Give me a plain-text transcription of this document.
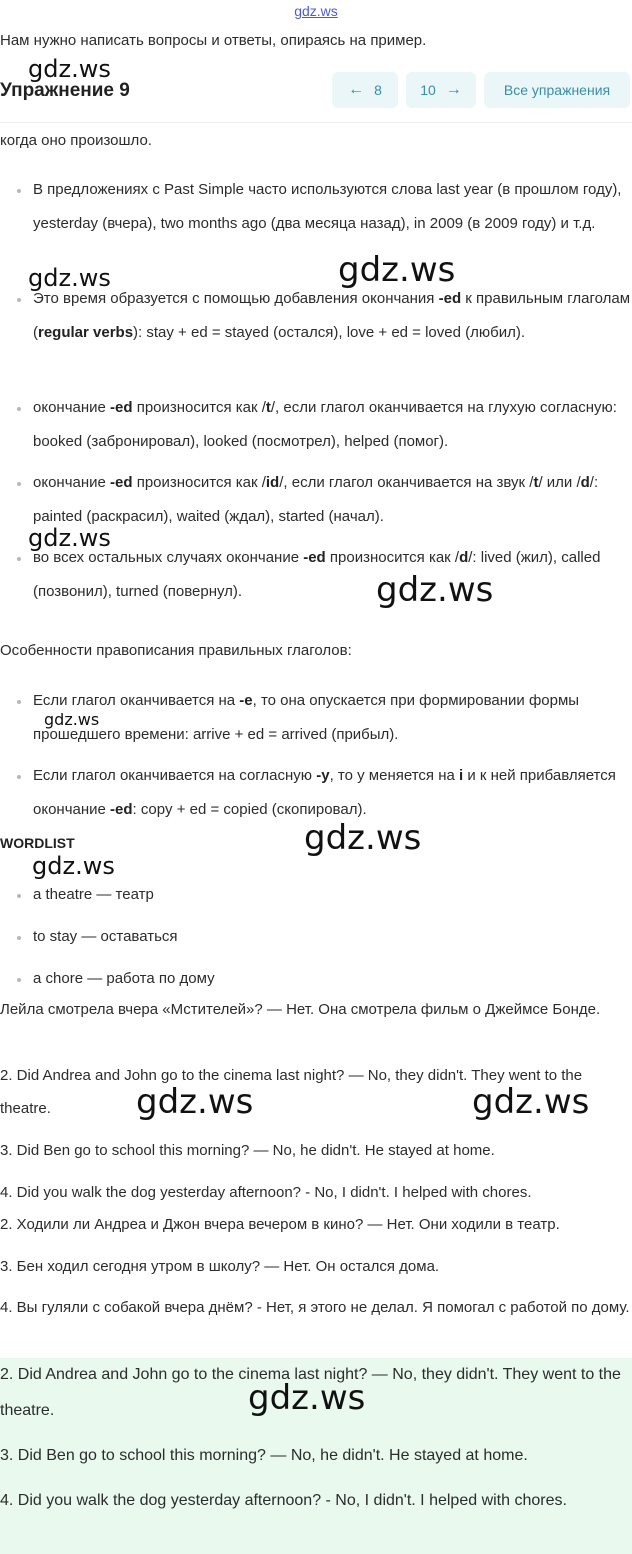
gdz.ws
Нам нужно написать вопросы и ответы, опираясь на пример.
Упражнение 9	← 8	10 →	Все упражнения
когда оно произошло.
В предложениях с Past Simple часто используются слова last year (в прошлом году), yesterday (вчера), two months ago (два месяца назад), in 2009 (в 2009 году) и т.д.
Это время образуется с помощью добавления окончания -ed к правильным глаголам (regular verbs): stay + ed = stayed (остался), love + ed = loved (любил).
окончание -ed произносится как /t/, если глагол оканчивается на глухую согласную: booked (забронировал), looked (посмотрел), helped (помог).
окончание -ed произносится как /id/, если глагол оканчивается на звук /t/ или /d/: painted (раскрасил), waited (ждал), started (начал).
во всех остальных случаях окончание -ed произносится как /d/: lived (жил), called (позвонил), turned (повернул).
Особенности правописания правильных глаголов:
Если глагол оканчивается на -e, то она опускается при формировании формы прошедшего времени: arrive + ed = arrived (прибыл).
Если глагол оканчивается на согласную -y, то у меняется на i и к ней прибавляется окончание -ed: copy + ed = copied (скопировал).
WORDLIST
a theatre — театр
to stay — оставаться
a chore — работа по дому
Лейла смотрела вчера «Мстителей»? — Нет. Она смотрела фильм о Джеймсе Бонде.
2. Did Andrea and John go to the cinema last night? — No, they didn't. They went to the theatre.
3. Did Ben go to school this morning? — No, he didn't. He stayed at home.
4. Did you walk the dog yesterday afternoon? - No, I didn't. I helped with chores.
2. Ходили ли Андреа и Джон вчера вечером в кино? — Нет. Они ходили в театр.
3. Бен ходил сегодня утром в школу? — Нет. Он остался дома.
4. Вы гуляли с собакой вчера днём? - Нет, я этого не делал. Я помогал с работой по дому.
2. Did Andrea and John go to the cinema last night? — No, they didn't. They went to the theatre.
3. Did Ben go to school this morning? — No, he didn't. He stayed at home.
4. Did you walk the dog yesterday afternoon? - No, I didn't. I helped with chores.
gdz.ws
gdz.ws	gdz.ws
gdz.ws
gdz.ws
gdz.ws
gdz.ws
gdz.ws
gdz.ws	gdz.ws
gdz.ws
